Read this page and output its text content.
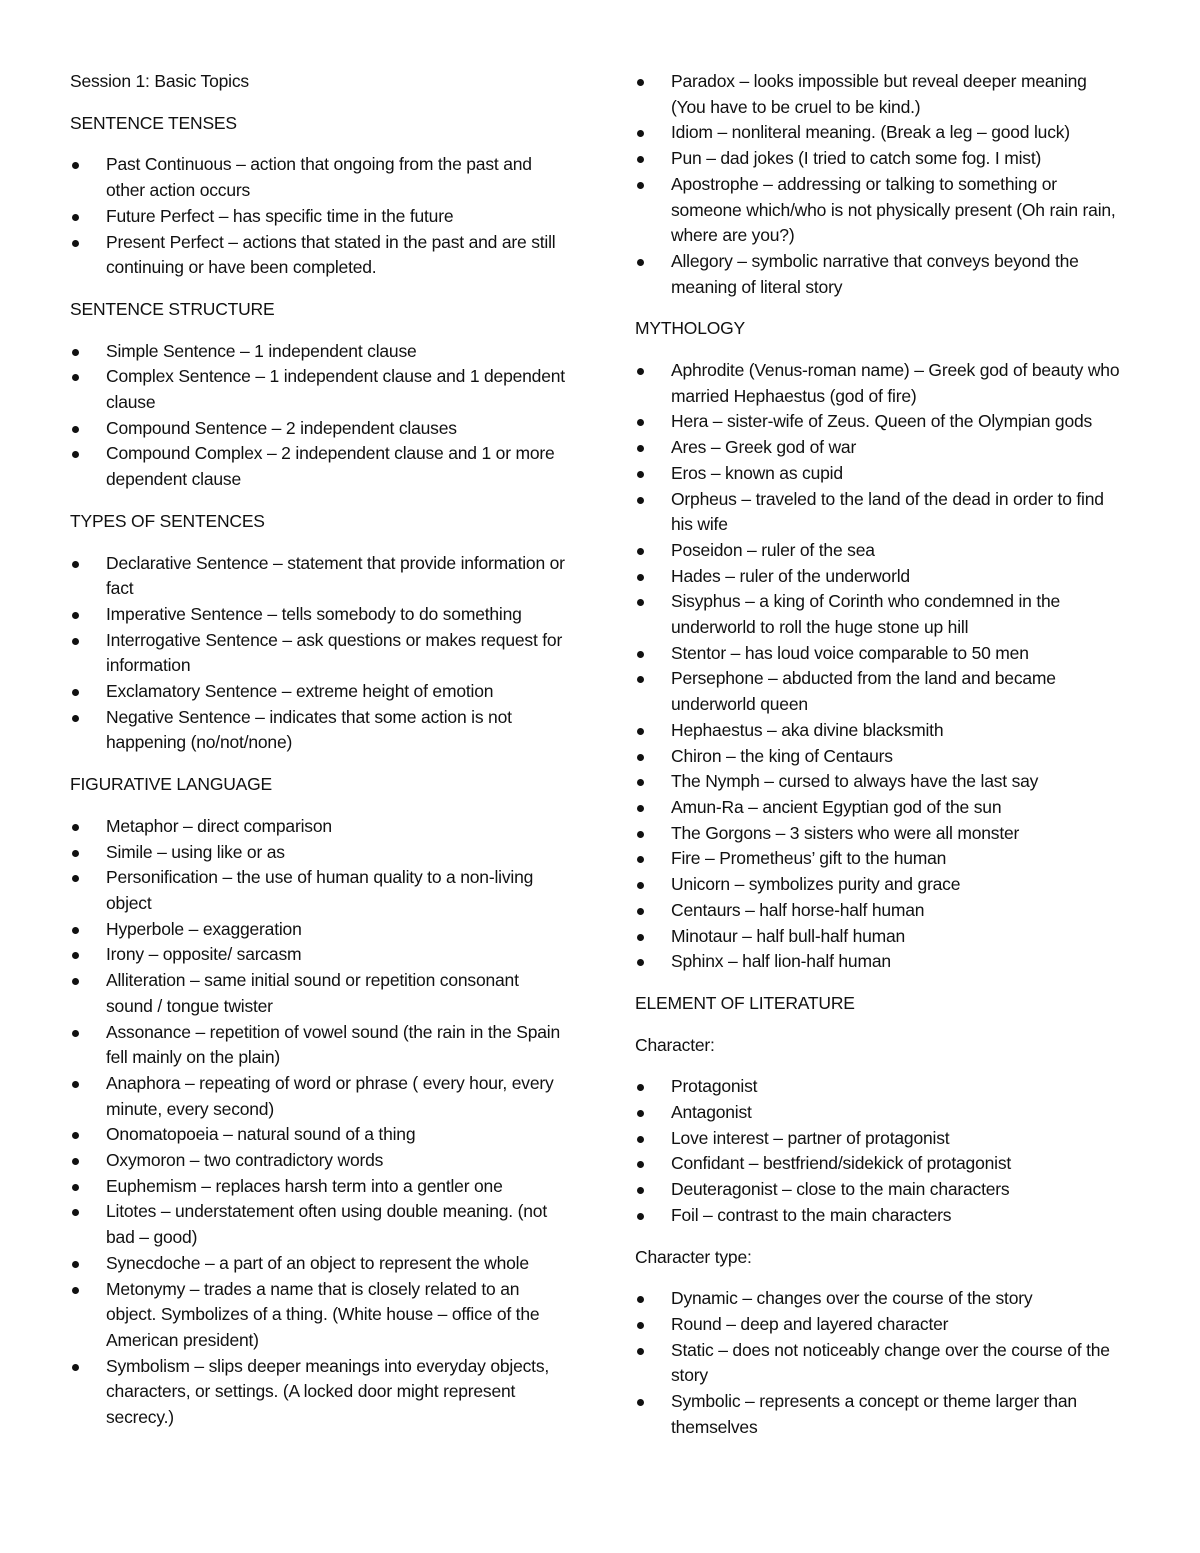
Session 1: Basic Topics

SENTENCE TENSES

Past Continuous – action that ongoing from the past and other action occurs
Future Perfect – has specific time in the future
Present Perfect – actions that stated in the past and are still continuing or have been completed.

SENTENCE STRUCTURE

Simple Sentence – 1 independent clause
Complex Sentence – 1 independent clause and 1 dependent clause
Compound Sentence – 2 independent clauses
Compound Complex – 2 independent clause and 1 or more dependent clause

TYPES OF SENTENCES

Declarative Sentence – statement that provide information or fact
Imperative Sentence – tells somebody to do something
Interrogative Sentence – ask questions or makes request for information
Exclamatory Sentence – extreme height of emotion
Negative Sentence – indicates that some action is not happening (no/not/none)

FIGURATIVE LANGUAGE

Metaphor – direct comparison
Simile – using like or as
Personification – the use of human quality to a non-living object
Hyperbole – exaggeration
Irony – opposite/ sarcasm
Alliteration – same initial sound or repetition consonant sound / tongue twister
Assonance – repetition of vowel sound (the rain in the Spain fell mainly on the plain)
Anaphora – repeating of word or phrase ( every hour, every minute, every second)
Onomatopoeia – natural sound of a thing
Oxymoron – two contradictory words
Euphemism – replaces harsh term into a gentler one
Litotes – understatement often using double meaning. (not bad – good)
Synecdoche – a part of an object to represent the whole
Metonymy – trades a name that is closely related to an object. Symbolizes of a thing. (White house – office of the American president)
Symbolism – slips deeper meanings into everyday objects, characters, or settings. (A locked door might represent secrecy.)
Paradox – looks impossible but reveal deeper meaning (You have to be cruel to be kind.)
Idiom – nonliteral meaning. (Break a leg – good luck)
Pun – dad jokes (I tried to catch some fog. I mist)
Apostrophe – addressing or talking to something or someone which/who is not physically present (Oh rain rain, where are you?)
Allegory – symbolic narrative that conveys beyond the meaning of literal story

MYTHOLOGY

Aphrodite (Venus-roman name) – Greek god of beauty who married Hephaestus (god of fire)
Hera – sister-wife of Zeus. Queen of the Olympian gods
Ares – Greek god of war
Eros – known as cupid
Orpheus – traveled to the land of the dead in order to find his wife
Poseidon – ruler of the sea
Hades – ruler of the underworld
Sisyphus – a king of Corinth who condemned in the underworld to roll the huge stone up hill
Stentor – has loud voice comparable to 50 men
Persephone – abducted from the land and became underworld queen
Hephaestus – aka divine blacksmith
Chiron – the king of Centaurs
The Nymph – cursed to always have the last say
Amun-Ra – ancient Egyptian god of the sun
The Gorgons – 3 sisters who were all monster
Fire – Prometheus’ gift to the human
Unicorn – symbolizes purity and grace
Centaurs – half horse-half human
Minotaur – half bull-half human
Sphinx – half lion-half human

ELEMENT OF LITERATURE

Character:

Protagonist
Antagonist
Love interest – partner of protagonist
Confidant – bestfriend/sidekick of protagonist
Deuteragonist – close to the main characters
Foil – contrast to the main characters

Character type:

Dynamic – changes over the course of the story
Round – deep and layered character
Static – does not noticeably change over the course of the story
Symbolic – represents a concept or theme larger than themselves
